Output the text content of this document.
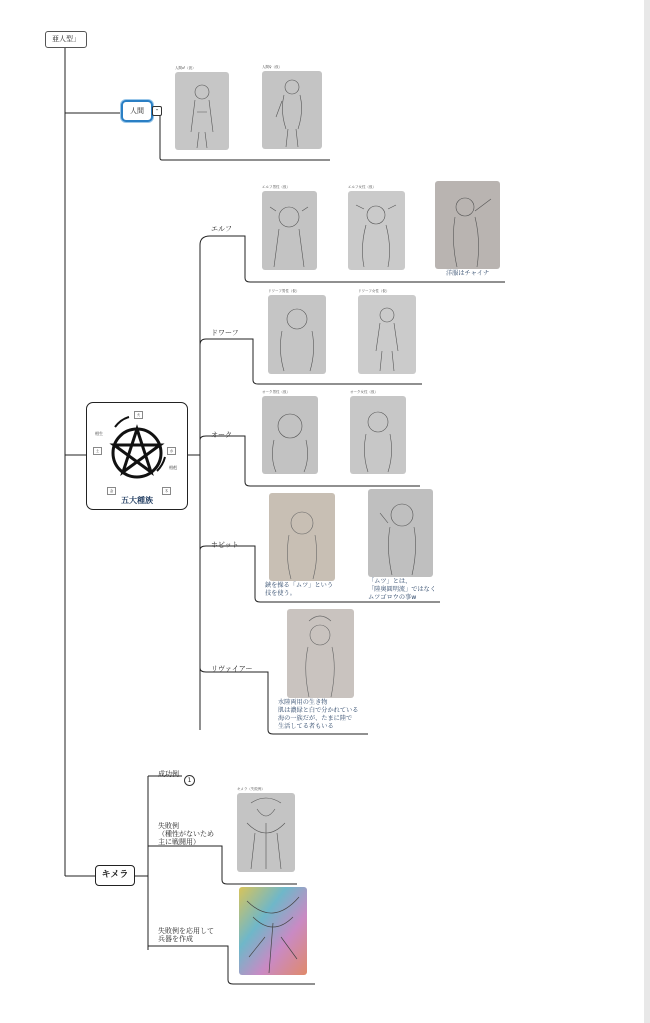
亜人型」
人間	-
人間♂（仮）	人間♀（仮）
火
水
木
金
土
相生
相剋
五大種族
エルフ
エルフ男性（仮）	エルフ女性（仮）
洋服はチャイナ
ドワーフ
ドワーフ男性（仮）	ドワーフ女性（仮）
オーク
オーク男性（仮）	オーク女性（仮）
ホビット
鋏を操る「ムツ」という
技を使う。
「ムツ」とは、
「陸奥圓明流」ではなく
ムツゴロウの事w
リヴァイアー
水陸両用の生き物
肌は濃緑と白で分かれている
海の一族だが、たまに陸で
生活してる者もいる
キメラ
成功例
1
失敗例
（種性がないため
主に戦闘用）
キメラ（失敗例）
失敗例を応用して
兵器を作成
